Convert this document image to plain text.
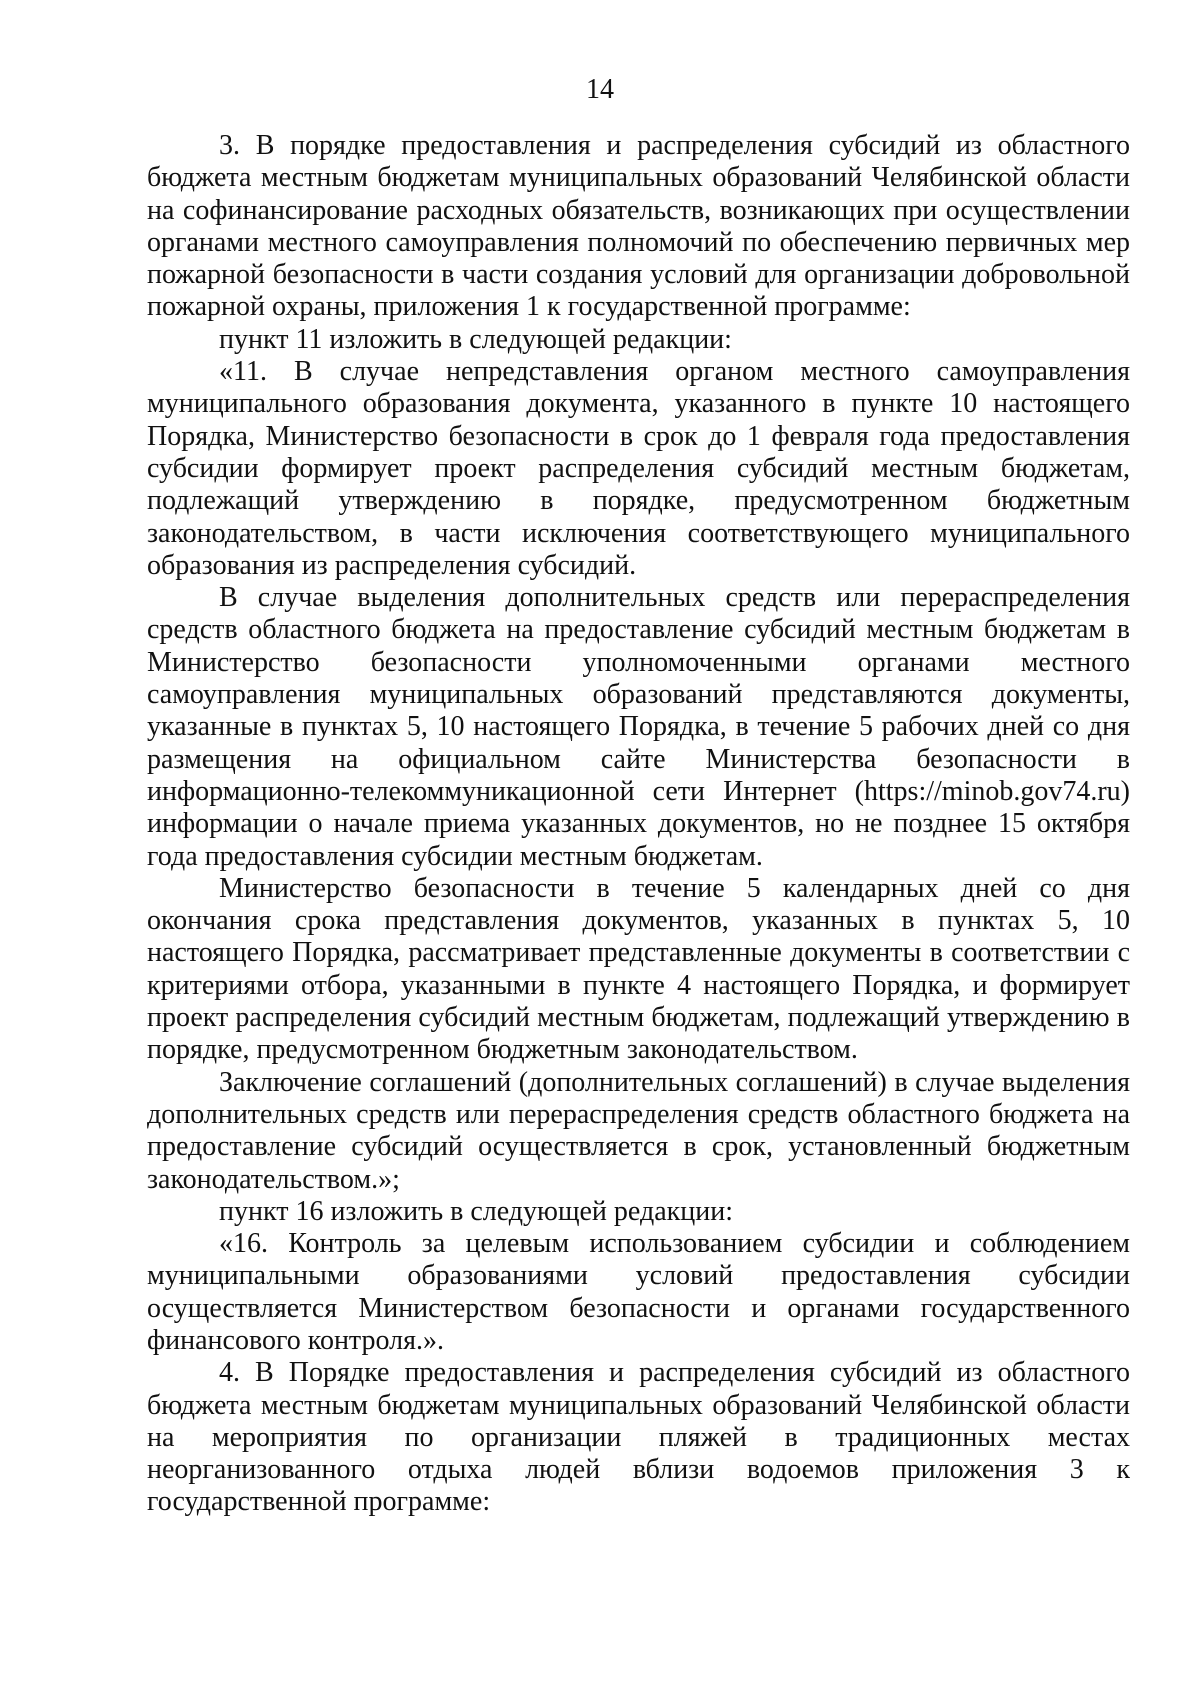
14

3. В порядке предоставления и распределения субсидий из областного бюджета местным бюджетам муниципальных образований Челябинской области на софинансирование расходных обязательств, возникающих при осуществлении органами местного самоуправления полномочий по обеспечению первичных мер пожарной безопасности в части создания условий для организации добровольной пожарной охраны, приложения 1 к государственной программе:

пункт 11 изложить в следующей редакции:

«11. В случае непредставления органом местного самоуправления муниципального образования документа, указанного в пункте 10 настоящего Порядка, Министерство безопасности в срок до 1 февраля года предоставления субсидии формирует проект распределения субсидий местным бюджетам, подлежащий утверждению в порядке, предусмотренном бюджетным законодательством, в части исключения соответствующего муниципального образования из распределения субсидий.

В случае выделения дополнительных средств или перераспределения средств областного бюджета на предоставление субсидий местным бюджетам в Министерство безопасности уполномоченными органами местного самоуправления муниципальных образований представляются документы, указанные в пунктах 5, 10 настоящего Порядка, в течение 5 рабочих дней со дня размещения на официальном сайте Министерства безопасности в информационно-телекоммуникационной сети Интернет (https://minob.gov74.ru) информации о начале приема указанных документов, но не позднее 15 октября года предоставления субсидии местным бюджетам.

Министерство безопасности в течение 5 календарных дней со дня окончания срока представления документов, указанных в пунктах 5, 10 настоящего Порядка, рассматривает представленные документы в соответствии с критериями отбора, указанными в пункте 4 настоящего Порядка, и формирует проект распределения субсидий местным бюджетам, подлежащий утверждению в порядке, предусмотренном бюджетным законодательством.

Заключение соглашений (дополнительных соглашений) в случае выделения дополнительных средств или перераспределения средств областного бюджета на предоставление субсидий осуществляется в срок, установленный бюджетным законодательством.»;

пункт 16 изложить в следующей редакции:

«16. Контроль за целевым использованием субсидии и соблюдением муниципальными образованиями условий предоставления субсидии осуществляется Министерством безопасности и органами государственного финансового контроля.».

4. В Порядке предоставления и распределения субсидий из областного бюджета местным бюджетам муниципальных образований Челябинской области на мероприятия по организации пляжей в традиционных местах неорганизованного отдыха людей вблизи водоемов приложения 3 к государственной программе:
